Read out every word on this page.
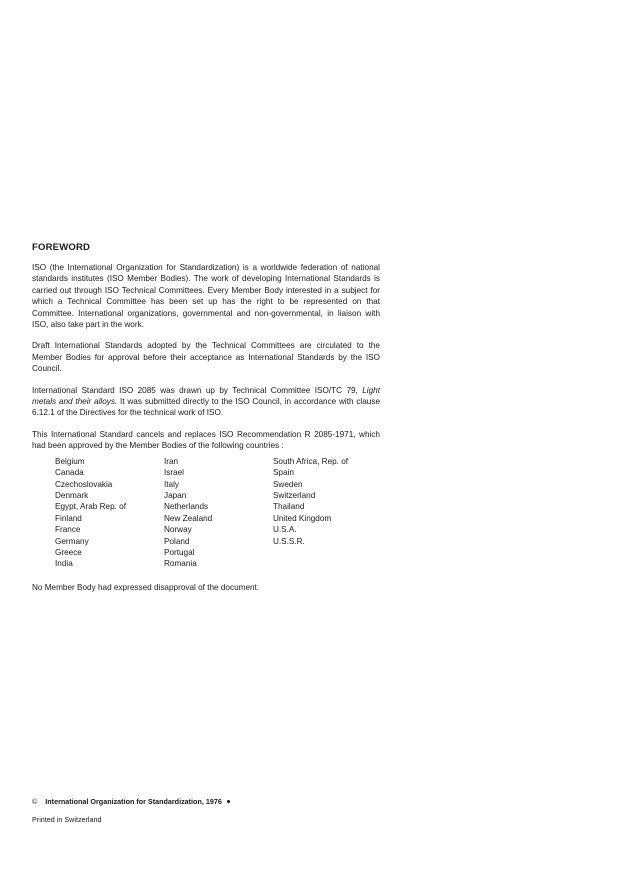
FOREWORD

ISO (the International Organization for Standardization) is a worldwide federation of national standards institutes (ISO Member Bodies). The work of developing International Standards is carried out through ISO Technical Committees. Every Member Body interested in a subject for which a Technical Committee has been set up has the right to be represented on that Committee. International organizations, governmental and non-governmental, in liaison with ISO, also take part in the work.

Draft International Standards adopted by the Technical Committees are circulated to the Member Bodies for approval before their acceptance as International Standards by the ISO Council.

International Standard ISO 2085 was drawn up by Technical Committee ISO/TC 79, Light metals and their alloys. It was submitted directly to the ISO Council, in accordance with clause 6.12.1 of the Directives for the technical work of ISO.

This International Standard cancels and replaces ISO Recommendation R 2085-1971, which had been approved by the Member Bodies of the following countries :

Belgium
Canada
Czechoslovakia
Denmark
Egypt, Arab Rep. of
Finland
France
Germany
Greece
India
Iran
Israel
Italy
Japan
Netherlands
New Zealand
Norway
Poland
Portugal
Romania
South Africa, Rep. of
Spain
Sweden
Switzerland
Thailand
United Kingdom
U.S.A.
U.S.S.R.
No Member Body had expressed disapproval of the document.
© International Organization for Standardization, 1976
Printed in Switzerland
